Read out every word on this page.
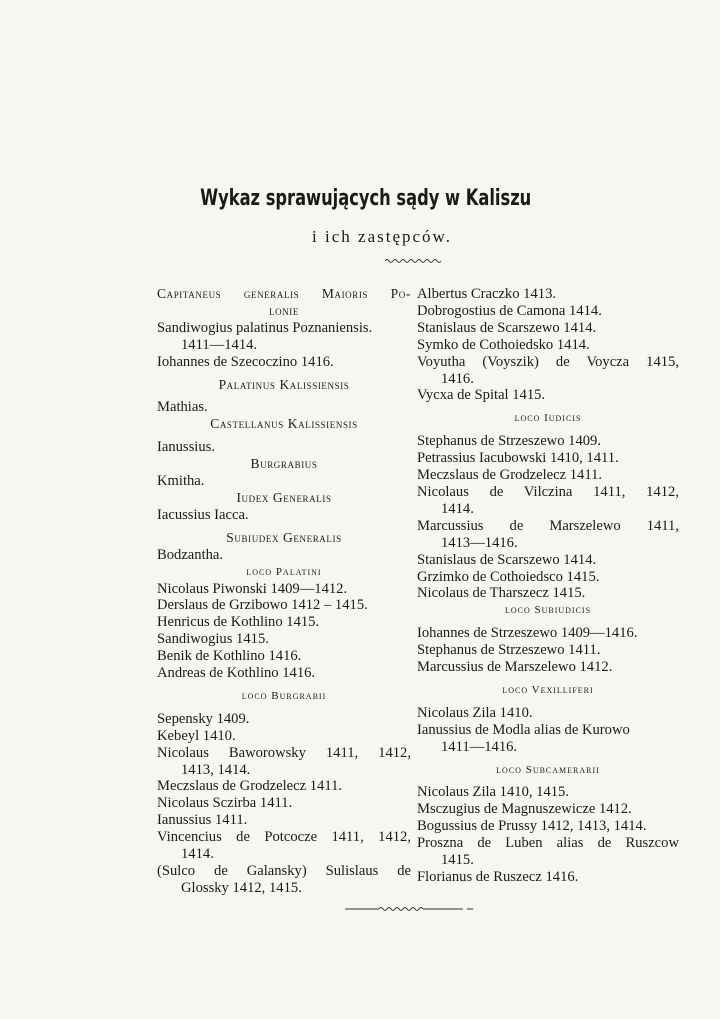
Wykaz sprawujących sądy w Kaliszu
i ich zastępców.
Capitaneus generalis Maioris Po-
lonie
Sandiwogius palatinus Poznaniensis.
1411—1414.
Iohannes de Szecoczino 1416.
Palatinus Kalissiensis
Mathias.
Castellanus Kalissiensis
Ianussius.
Burgrabius
Kmitha.
Iudex Generalis
Iacussius Iacca.
Subiudex Generalis
Bodzantha.
loco Palatini
Nicolaus Piwonski 1409—1412.
Derslaus de Grzibowo 1412 – 1415.
Henricus de Kothlino 1415.
Sandiwogius 1415.
Benik de Kothlino 1416.
Andreas de Kothlino 1416.
loco Burgrabii
Sepensky 1409.
Kebeyl 1410.
Nicolaus Baworowsky 1411, 1412,
1413, 1414.
Meczslaus de Grodzelecz 1411.
Nicolaus Sczirba 1411.
Ianussius 1411.
Vincencius de Potcocze 1411, 1412,
1414.
(Sulco de Galansky) Sulislaus de
Glossky 1412, 1415.
Albertus Craczko 1413.
Dobrogostius de Camona 1414.
Stanislaus de Scarszewo 1414.
Symko de Cothoiedsko 1414.
Voyutha (Voyszik) de Voycza 1415,
1416.
Vycxa de Spital 1415.
loco Iudicis
Stephanus de Strzeszewo 1409.
Petrassius Iacubowski 1410, 1411.
Meczslaus de Grodzelecz 1411.
Nicolaus de Vilczina 1411, 1412,
1414.
Marcussius de Marszelewo 1411,
1413—1416.
Stanislaus de Scarszewo 1414.
Grzimko de Cothoiedsco 1415.
Nicolaus de Tharszecz 1415.
loco Subiudicis
Iohannes de Strzeszewo 1409—1416.
Stephanus de Strzeszewo 1411.
Marcussius de Marszelewo 1412.
loco Vexilliferi
Nicolaus Zila 1410.
Ianussius de Modla alias de Kurowo
1411—1416.
loco Subcamerarii
Nicolaus Zila 1410, 1415.
Msczugius de Magnuszewicze 1412.
Bogussius de Prussy 1412, 1413, 1414.
Proszna de Luben alias de Ruszcow
1415.
Florianus de Ruszecz 1416.
